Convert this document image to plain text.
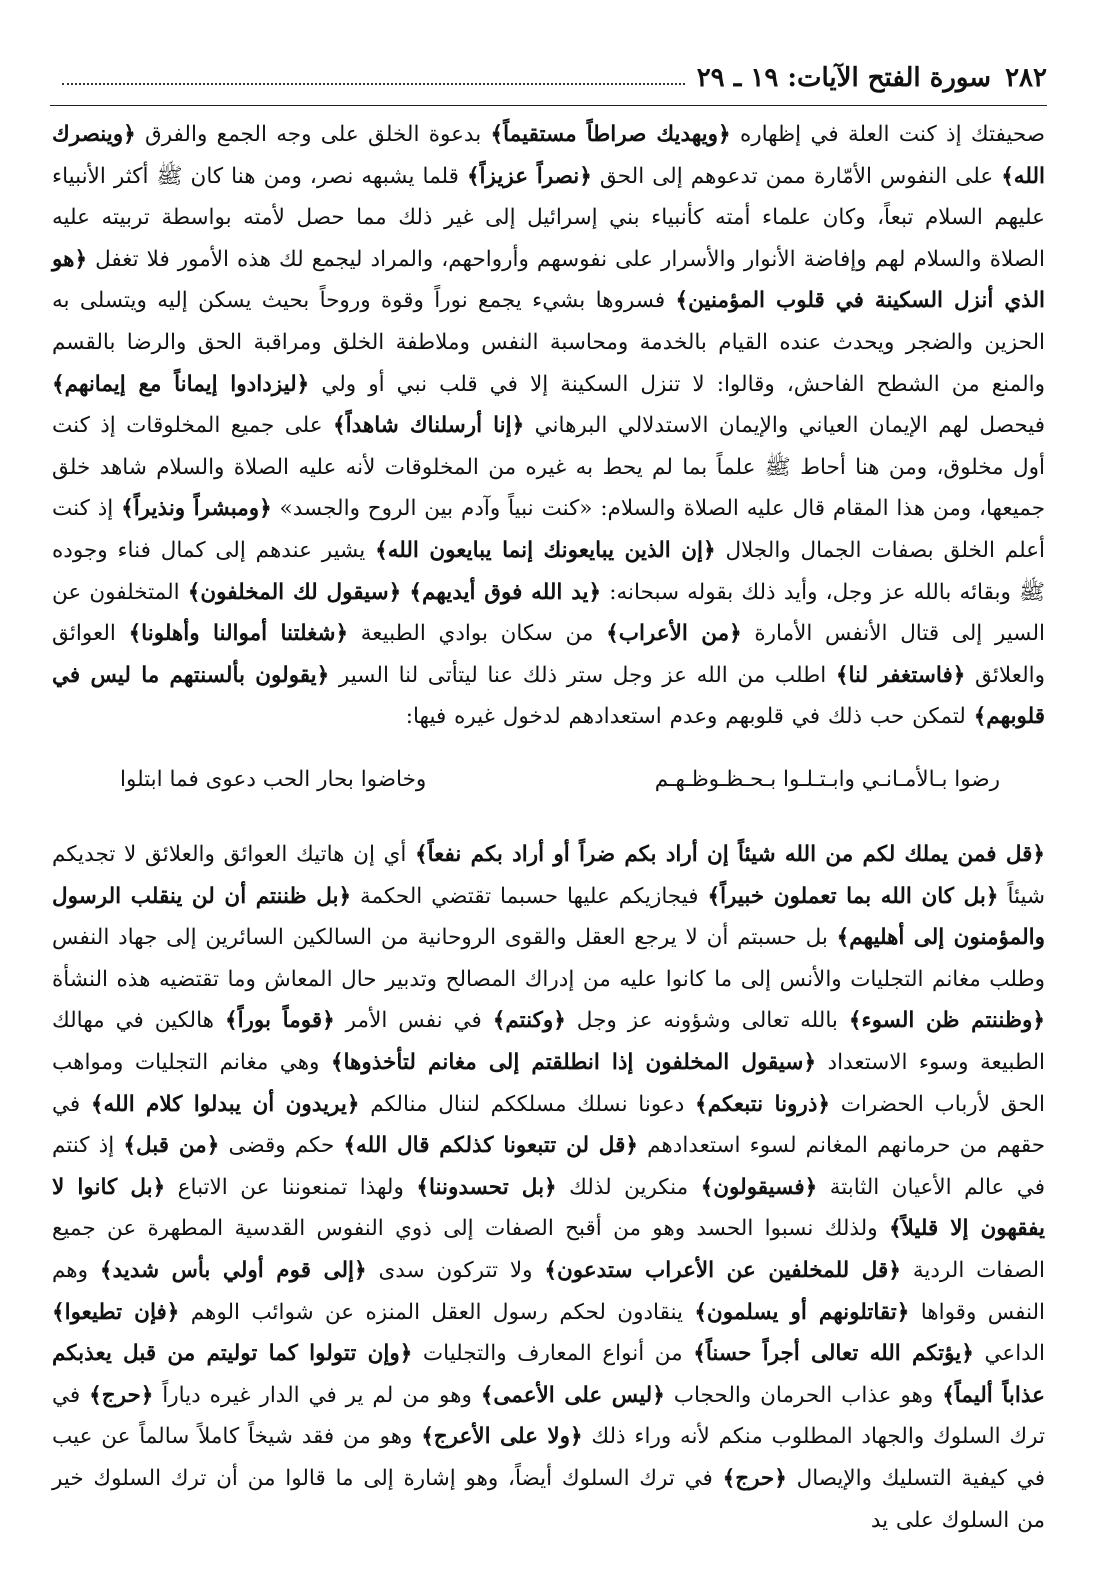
٢٨٢
سورة الفتح الآيات: ١٩ ـ ٢٩
صحيفتك إذ كنت العلة في إظهاره ﴿ويهديك صراطاً مستقيماً﴾ بدعوة الخلق على وجه الجمع والفرق ﴿وينصرك الله﴾ على النفوس الأمّارة ممن تدعوهم إلى الحق ﴿نصراً عزيزاً﴾ قلما يشبهه نصر، ومن هنا كان ﷺ أكثر الأنبياء عليهم السلام تبعاً، وكان علماء أمته كأنبياء بني إسرائيل إلى غير ذلك مما حصل لأمته بواسطة تربيته عليه الصلاة والسلام لهم وإفاضة الأنوار والأسرار على نفوسهم وأرواحهم، والمراد ليجمع لك هذه الأمور فلا تغفل ﴿هو الذي أنزل السكينة في قلوب المؤمنين﴾ فسروها بشيء يجمع نوراً وقوة وروحاً بحيث يسكن إليه ويتسلى به الحزين والضجر ويحدث عنده القيام بالخدمة ومحاسبة النفس وملاطفة الخلق ومراقبة الحق والرضا بالقسم والمنع من الشطح الفاحش، وقالوا: لا تنزل السكينة إلا في قلب نبي أو ولي ﴿ليزدادوا إيماناً مع إيمانهم﴾ فيحصل لهم الإيمان العياني والإيمان الاستدلالي البرهاني ﴿إنا أرسلناك شاهداً﴾ على جميع المخلوقات إذ كنت أول مخلوق، ومن هنا أحاط ﷺ علماً بما لم يحط به غيره من المخلوقات لأنه عليه الصلاة والسلام شاهد خلق جميعها، ومن هذا المقام قال عليه الصلاة والسلام: «كنت نبياً وآدم بين الروح والجسد» ﴿ومبشراً ونذيراً﴾ إذ كنت أعلم الخلق بصفات الجمال والجلال ﴿إن الذين يبايعونك إنما يبايعون الله﴾ يشير عندهم إلى كمال فناء وجوده ﷺ وبقائه بالله عز وجل، وأيد ذلك بقوله سبحانه: ﴿يد الله فوق أيديهم﴾ ﴿سيقول لك المخلفون﴾ المتخلفون عن السير إلى قتال الأنفس الأمارة ﴿من الأعراب﴾ من سكان بوادي الطبيعة ﴿شغلتنا أموالنا وأهلونا﴾ العوائق والعلائق ﴿فاستغفر لنا﴾ اطلب من الله عز وجل ستر ذلك عنا ليتأتى لنا السير ﴿يقولون بألسنتهم ما ليس في قلوبهم﴾ لتمكن حب ذلك في قلوبهم وعدم استعدادهم لدخول غيره فيها:
رضوا بـالأمـانـي وابـتـلـوا بـحـظـوظـهـم
وخاضوا بحار الحب دعوى فما ابتلوا
﴿قل فمن يملك لكم من الله شيئاً إن أراد بكم ضراً أو أراد بكم نفعاً﴾ أي إن هاتيك العوائق والعلائق لا تجديكم شيئاً ﴿بل كان الله بما تعملون خبيراً﴾ فيجازيكم عليها حسبما تقتضي الحكمة ﴿بل ظننتم أن لن ينقلب الرسول والمؤمنون إلى أهليهم﴾ بل حسبتم أن لا يرجع العقل والقوى الروحانية من السالكين السائرين إلى جهاد النفس وطلب مغانم التجليات والأنس إلى ما كانوا عليه من إدراك المصالح وتدبير حال المعاش وما تقتضيه هذه النشأة ﴿وظننتم ظن السوء﴾ بالله تعالى وشؤونه عز وجل ﴿وكنتم﴾ في نفس الأمر ﴿قوماً بوراً﴾ هالكين في مهالك الطبيعة وسوء الاستعداد ﴿سيقول المخلفون إذا انطلقتم إلى مغانم لتأخذوها﴾ وهي مغانم التجليات ومواهب الحق لأرباب الحضرات ﴿ذرونا نتبعكم﴾ دعونا نسلك مسلككم لننال منالكم ﴿يريدون أن يبدلوا كلام الله﴾ في حقهم من حرمانهم المغانم لسوء استعدادهم ﴿قل لن تتبعونا كذلكم قال الله﴾ حكم وقضى ﴿من قبل﴾ إذ كنتم في عالم الأعيان الثابتة ﴿فسيقولون﴾ منكرين لذلك ﴿بل تحسدوننا﴾ ولهذا تمنعوننا عن الاتباع ﴿بل كانوا لا يفقهون إلا قليلاً﴾ ولذلك نسبوا الحسد وهو من أقبح الصفات إلى ذوي النفوس القدسية المطهرة عن جميع الصفات الردية ﴿قل للمخلفين عن الأعراب ستدعون﴾ ولا تتركون سدى ﴿إلى قوم أولي بأس شديد﴾ وهم النفس وقواها ﴿تقاتلونهم أو يسلمون﴾ ينقادون لحكم رسول العقل المنزه عن شوائب الوهم ﴿فإن تطيعوا﴾ الداعي ﴿يؤتكم الله تعالى أجراً حسناً﴾ من أنواع المعارف والتجليات ﴿وإن تتولوا كما توليتم من قبل يعذبكم عذاباً أليماً﴾ وهو عذاب الحرمان والحجاب ﴿ليس على الأعمى﴾ وهو من لم ير في الدار غيره دياراً ﴿حرج﴾ في ترك السلوك والجهاد المطلوب منكم لأنه وراء ذلك ﴿ولا على الأعرج﴾ وهو من فقد شيخاً كاملاً سالماً عن عيب في كيفية التسليك والإيصال ﴿حرج﴾ في ترك السلوك أيضاً، وهو إشارة إلى ما قالوا من أن ترك السلوك خير من السلوك على يد
